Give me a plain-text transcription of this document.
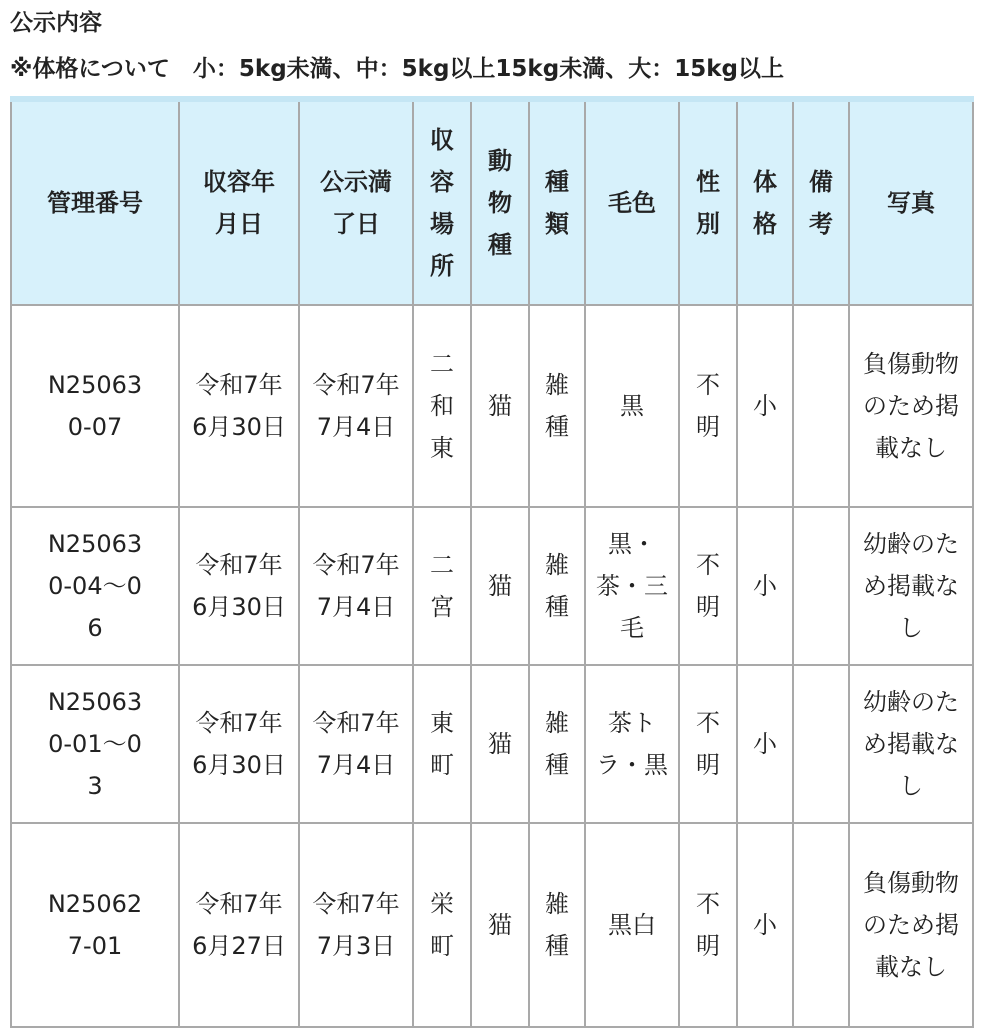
公示内容

※体格について　小：5kg未満、中：5kg以上15kg未満、大：15kg以上

管理番号	収容年月日	公示満了日	収容場所	動物種	種類	毛色	性別	体格	備考	写真
N250630-07	令和7年6月30日	令和7年7月4日	二和東	猫	雑種	黒	不明	小		負傷動物のため掲載なし
N250630-04～06	令和7年6月30日	令和7年7月4日	二宮	猫	雑種	黒・茶・三毛	不明	小		幼齢のため掲載なし
N250630-01～03	令和7年6月30日	令和7年7月4日	東町	猫	雑種	茶トラ・黒	不明	小		幼齢のため掲載なし
N250627-01	令和7年6月27日	令和7年7月3日	栄町	猫	雑種	黒白	不明	小		負傷動物のため掲載なし
